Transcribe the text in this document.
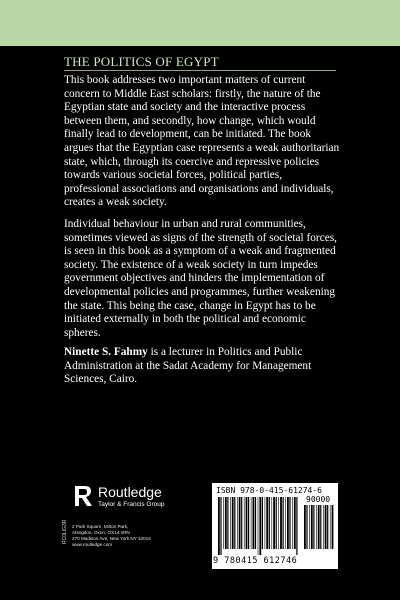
THE POLITICS OF EGYPT

This book addresses two important matters of current concern to Middle East scholars: firstly, the nature of the Egyptian state and society and the interactive process between them, and secondly, how change, which would finally lead to development, can be initiated. The book argues that the Egyptian case represents a weak authoritarian state, which, through its coercive and repressive policies towards various societal forces, political parties, professional associations and organisations and individuals, creates a weak society.

Individual behaviour in urban and rural communities, sometimes viewed as signs of the strength of societal forces, is seen in this book as a symptom of a weak and fragmented society. The existence of a weak society in turn impedes government objectives and hinders the implementation of developmental policies and programmes, further weakening the state. This being the case, change in Egypt has to be initiated externally in both the political and economic spheres.

Ninette S. Fahmy is a lecturer in Politics and Public Administration at the Sadat Academy for Management Sciences, Cairo.

RC0LIG3R
Routledge
Taylor & Francis Group
2 Park Square, Milton Park,
Abingdon, Oxon, OX14 4RN
270 Madison Ave, New York NY 10016
www.routledge.com
ISBN 978-0-415-61274-6
90000
9 780415 612746
